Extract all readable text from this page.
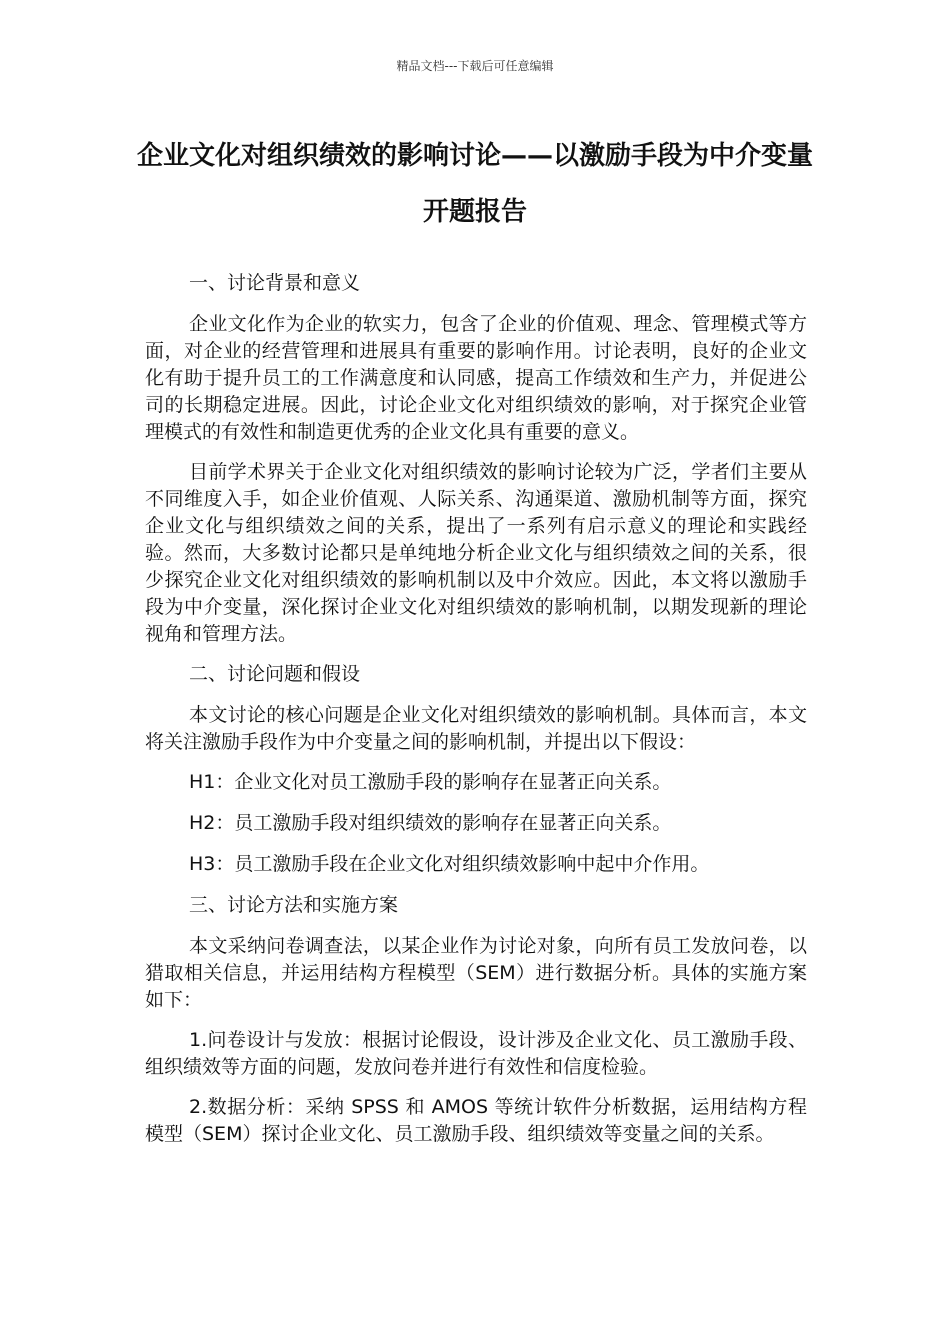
精品文档---下载后可任意编辑
企业文化对组织绩效的影响讨论——以激励手段为中介变量开题报告
一、讨论背景和意义

企业文化作为企业的软实力，包含了企业的价值观、理念、管理模式等方面，对企业的经营管理和进展具有重要的影响作用。讨论表明，良好的企业文化有助于提升员工的工作满意度和认同感，提高工作绩效和生产力，并促进公司的长期稳定进展。因此，讨论企业文化对组织绩效的影响，对于探究企业管理模式的有效性和制造更优秀的企业文化具有重要的意义。

目前学术界关于企业文化对组织绩效的影响讨论较为广泛，学者们主要从不同维度入手，如企业价值观、人际关系、沟通渠道、激励机制等方面，探究企业文化与组织绩效之间的关系，提出了一系列有启示意义的理论和实践经验。然而，大多数讨论都只是单纯地分析企业文化与组织绩效之间的关系，很少探究企业文化对组织绩效的影响机制以及中介效应。因此，本文将以激励手段为中介变量，深化探讨企业文化对组织绩效的影响机制，以期发现新的理论视角和管理方法。

二、讨论问题和假设

本文讨论的核心问题是企业文化对组织绩效的影响机制。具体而言，本文将关注激励手段作为中介变量之间的影响机制，并提出以下假设：

H1：企业文化对员工激励手段的影响存在显著正向关系。
H2：员工激励手段对组织绩效的影响存在显著正向关系。
H3：员工激励手段在企业文化对组织绩效影响中起中介作用。
三、讨论方法和实施方案

本文采纳问卷调查法，以某企业作为讨论对象，向所有员工发放问卷，以猎取相关信息，并运用结构方程模型（SEM）进行数据分析。具体的实施方案如下：

1.问卷设计与发放：根据讨论假设，设计涉及企业文化、员工激励手段、组织绩效等方面的问题，发放问卷并进行有效性和信度检验。

2.数据分析：采纳 SPSS 和 AMOS 等统计软件分析数据，运用结构方程模型（SEM）探讨企业文化、员工激励手段、组织绩效等变量之间的关系。
